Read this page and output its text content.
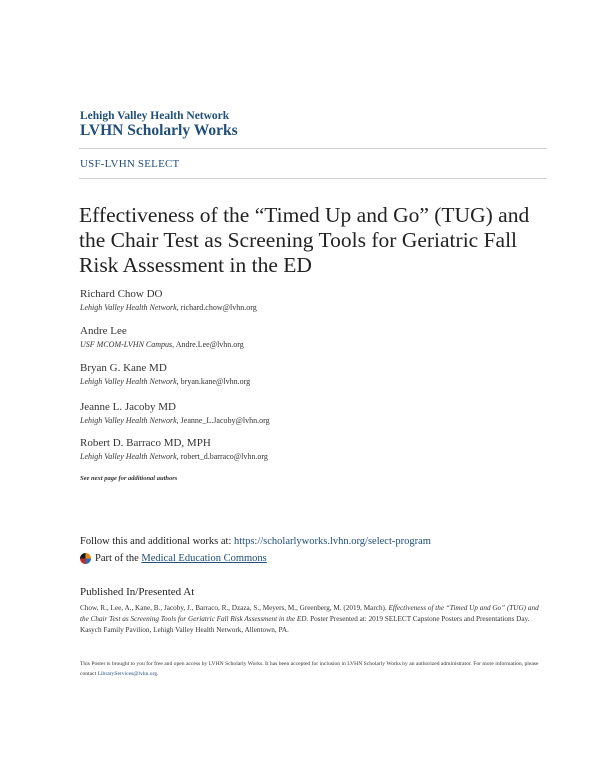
Lehigh Valley Health Network
LVHN Scholarly Works
USF-LVHN SELECT
Effectiveness of the “Timed Up and Go” (TUG) and the Chair Test as Screening Tools for Geriatric Fall Risk Assessment in the ED
Richard Chow DO
Lehigh Valley Health Network, richard.chow@lvhn.org
Andre Lee
USF MCOM-LVHN Campus, Andre.Lee@lvhn.org
Bryan G. Kane MD
Lehigh Valley Health Network, bryan.kane@lvhn.org
Jeanne L. Jacoby MD
Lehigh Valley Health Network, Jeanne_L.Jacoby@lvhn.org
Robert D. Barraco MD, MPH
Lehigh Valley Health Network, robert_d.barraco@lvhn.org
See next page for additional authors
Follow this and additional works at: https://scholarlyworks.lvhn.org/select-program
Part of the
Medical Education Commons
Published In/Presented At
Chow, R., Lee, A., Kane, B., Jacoby, J., Barraco, R., Dzaza, S., Meyers, M., Greenberg, M. (2019, March). Effectiveness of the “Timed Up and Go” (TUG) and the Chair Test as Screening Tools for Geriatric Fall Risk Assessment in the ED. Poster Presented at: 2019 SELECT Capstone Posters and Presentations Day. Kasych Family Pavilion, Lehigh Valley Health Network, Allentown, PA.
This Poster is brought to you for free and open access by LVHN Scholarly Works. It has been accepted for inclusion in LVHN Scholarly Works by an authorized administrator. For more information, please contact LibraryServices@lvhn.org.
